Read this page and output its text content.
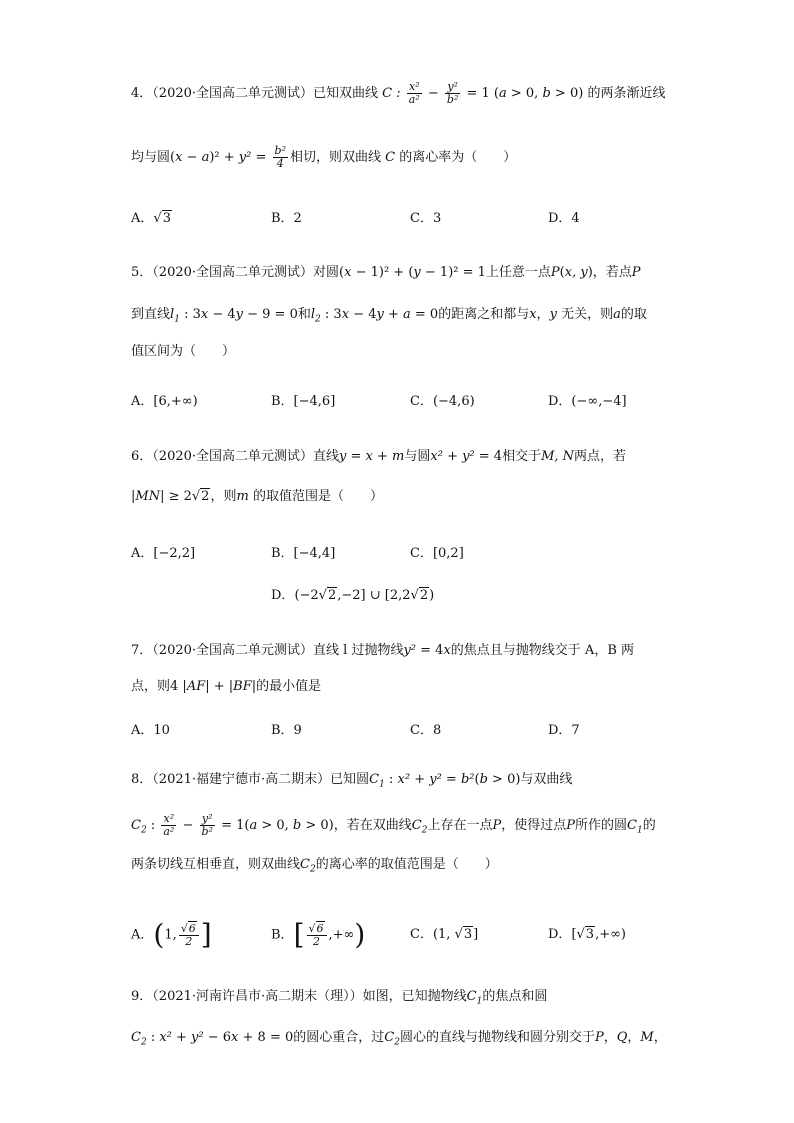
4．（2020·全国高二单元测试）已知双曲线 C : $\frac{\text{x²}}{\text{a²}} - \frac{\text{y²}}{\text{b²}} = 1$ (a > 0, b > 0) 的两条渐近线
均与圆$(x - a)^2 + y^2 = \frac{\text{b²}}{4}$ 相切，则双曲线 C 的离心率为（　　）
A．√3	B．2	C．3	D．4
5．（2020·全国高二单元测试）对圆(x − 1)² + (y − 1)² = 1上任意一点P(x, y)，若点P
到直线$l_1$ : 3x − 4y − 9 = 0和$l_2$ : 3x − 4y + a = 0的距离之和都与x，y 无关，则a的取
值区间为（　　）
A．[6,+∞)	B．[−4,6]	C．(−4,6)	D．(−∞,−4]
6．（2020·全国高二单元测试）直线y = x + m与圆x² + y² = 4相交于M, N两点，若
|MN| ≥ 2√2，则m 的取值范围是（　　）
A．[−2,2]	B．[−4,4]	C．[0,2]
D．(−2√2,−2] ∪ [2,2√2)
7．（2020·全国高二单元测试）直线 l 过抛物线y² = 4x的焦点且与抛物线交于 A，B 两
点，则4 |AF| + |BF|的最小值是
A．10	B．9	C．8	D．7
8．（2021·福建宁德市·高二期末）已知圆$C_1$ : x² + y² = b²(b > 0)与双曲线
$C_2$ : $\frac{\text{x²}}{\text{a²}} - \frac{\text{y²}}{\text{b²}} = 1(a > 0$, b > 0)，若在双曲线$C_2$上存在一点P，使得过点P所作的圆$C_1$的
两条切线互相垂直，则双曲线$C_2$的离心率的取值范围是（　　）
A．(1, $\frac{√6}{2}$ ]	B．[ $\frac{√6}{2}$ ,+∞)	C．(1, √3]	D．[√3,+∞)
9．（2021·河南许昌市·高二期末（理））如图，已知抛物线$C_1$的焦点和圆
$C_2$ : x² + y² − 6x + 8 = 0的圆心重合，过$C_2$圆心的直线与抛物线和圆分别交于P，Q，M，
